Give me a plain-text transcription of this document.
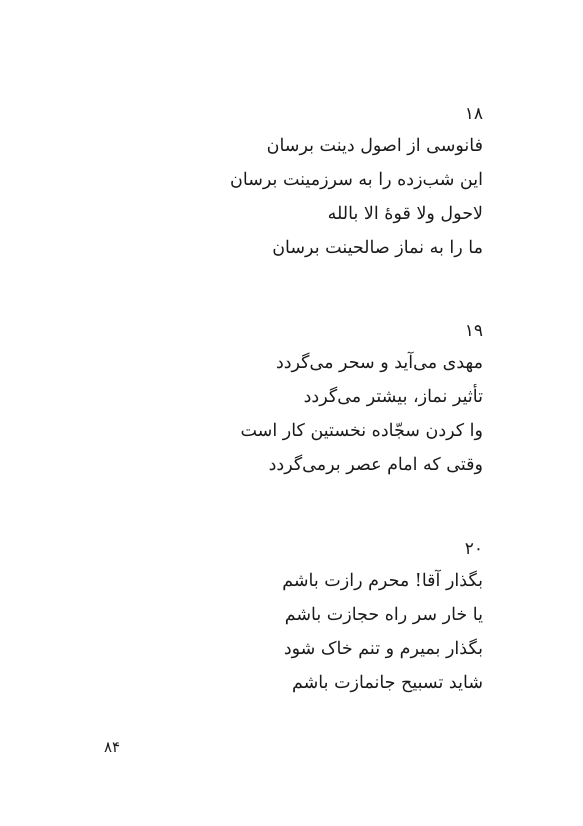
۱۸
فانوسی از اصول دینت برسان
این شب‌زده را به سرزمینت برسان
لاحول ولا قوهٔ الا بالله
ما را به نماز صالحینت برسان
۱۹
مهدی می‌آید و سحر می‌گردد
تأثیر نماز، بیشتر می‌گردد
وا کردن سجّاده نخستین کار است
وقتی که امام عصر برمی‌گردد
۲۰
بگذار آقا! محرم رازت باشم
یا خار سر راه حجازت باشم
بگذار بمیرم و تنم خاک شود
شاید تسبیح جانمازت باشم
۸۴
